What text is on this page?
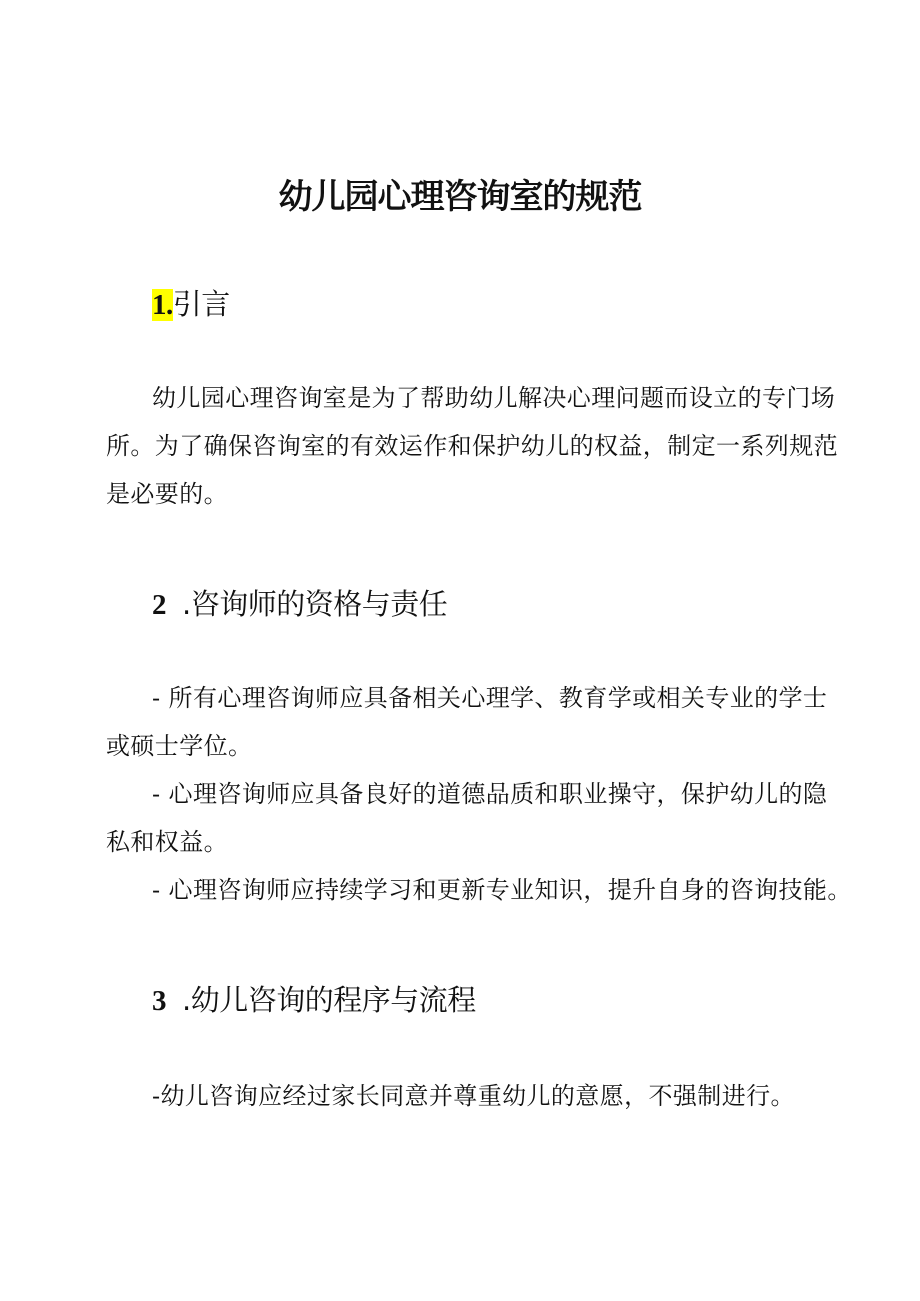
幼儿园心理咨询室的规范
1.引言

幼儿园心理咨询室是为了帮助幼儿解决心理问题而设立的专门场

所。为了确保咨询室的有效运作和保护幼儿的权益，制定一系列规范

是必要的。

2 .咨询师的资格与责任

- 所有心理咨询师应具备相关心理学、教育学或相关专业的学士

或硕士学位。

- 心理咨询师应具备良好的道德品质和职业操守，保护幼儿的隐

私和权益。

- 心理咨询师应持续学习和更新专业知识，提升自身的咨询技能。

3 .幼儿咨询的程序与流程

-幼儿咨询应经过家长同意并尊重幼儿的意愿，不强制进行。
